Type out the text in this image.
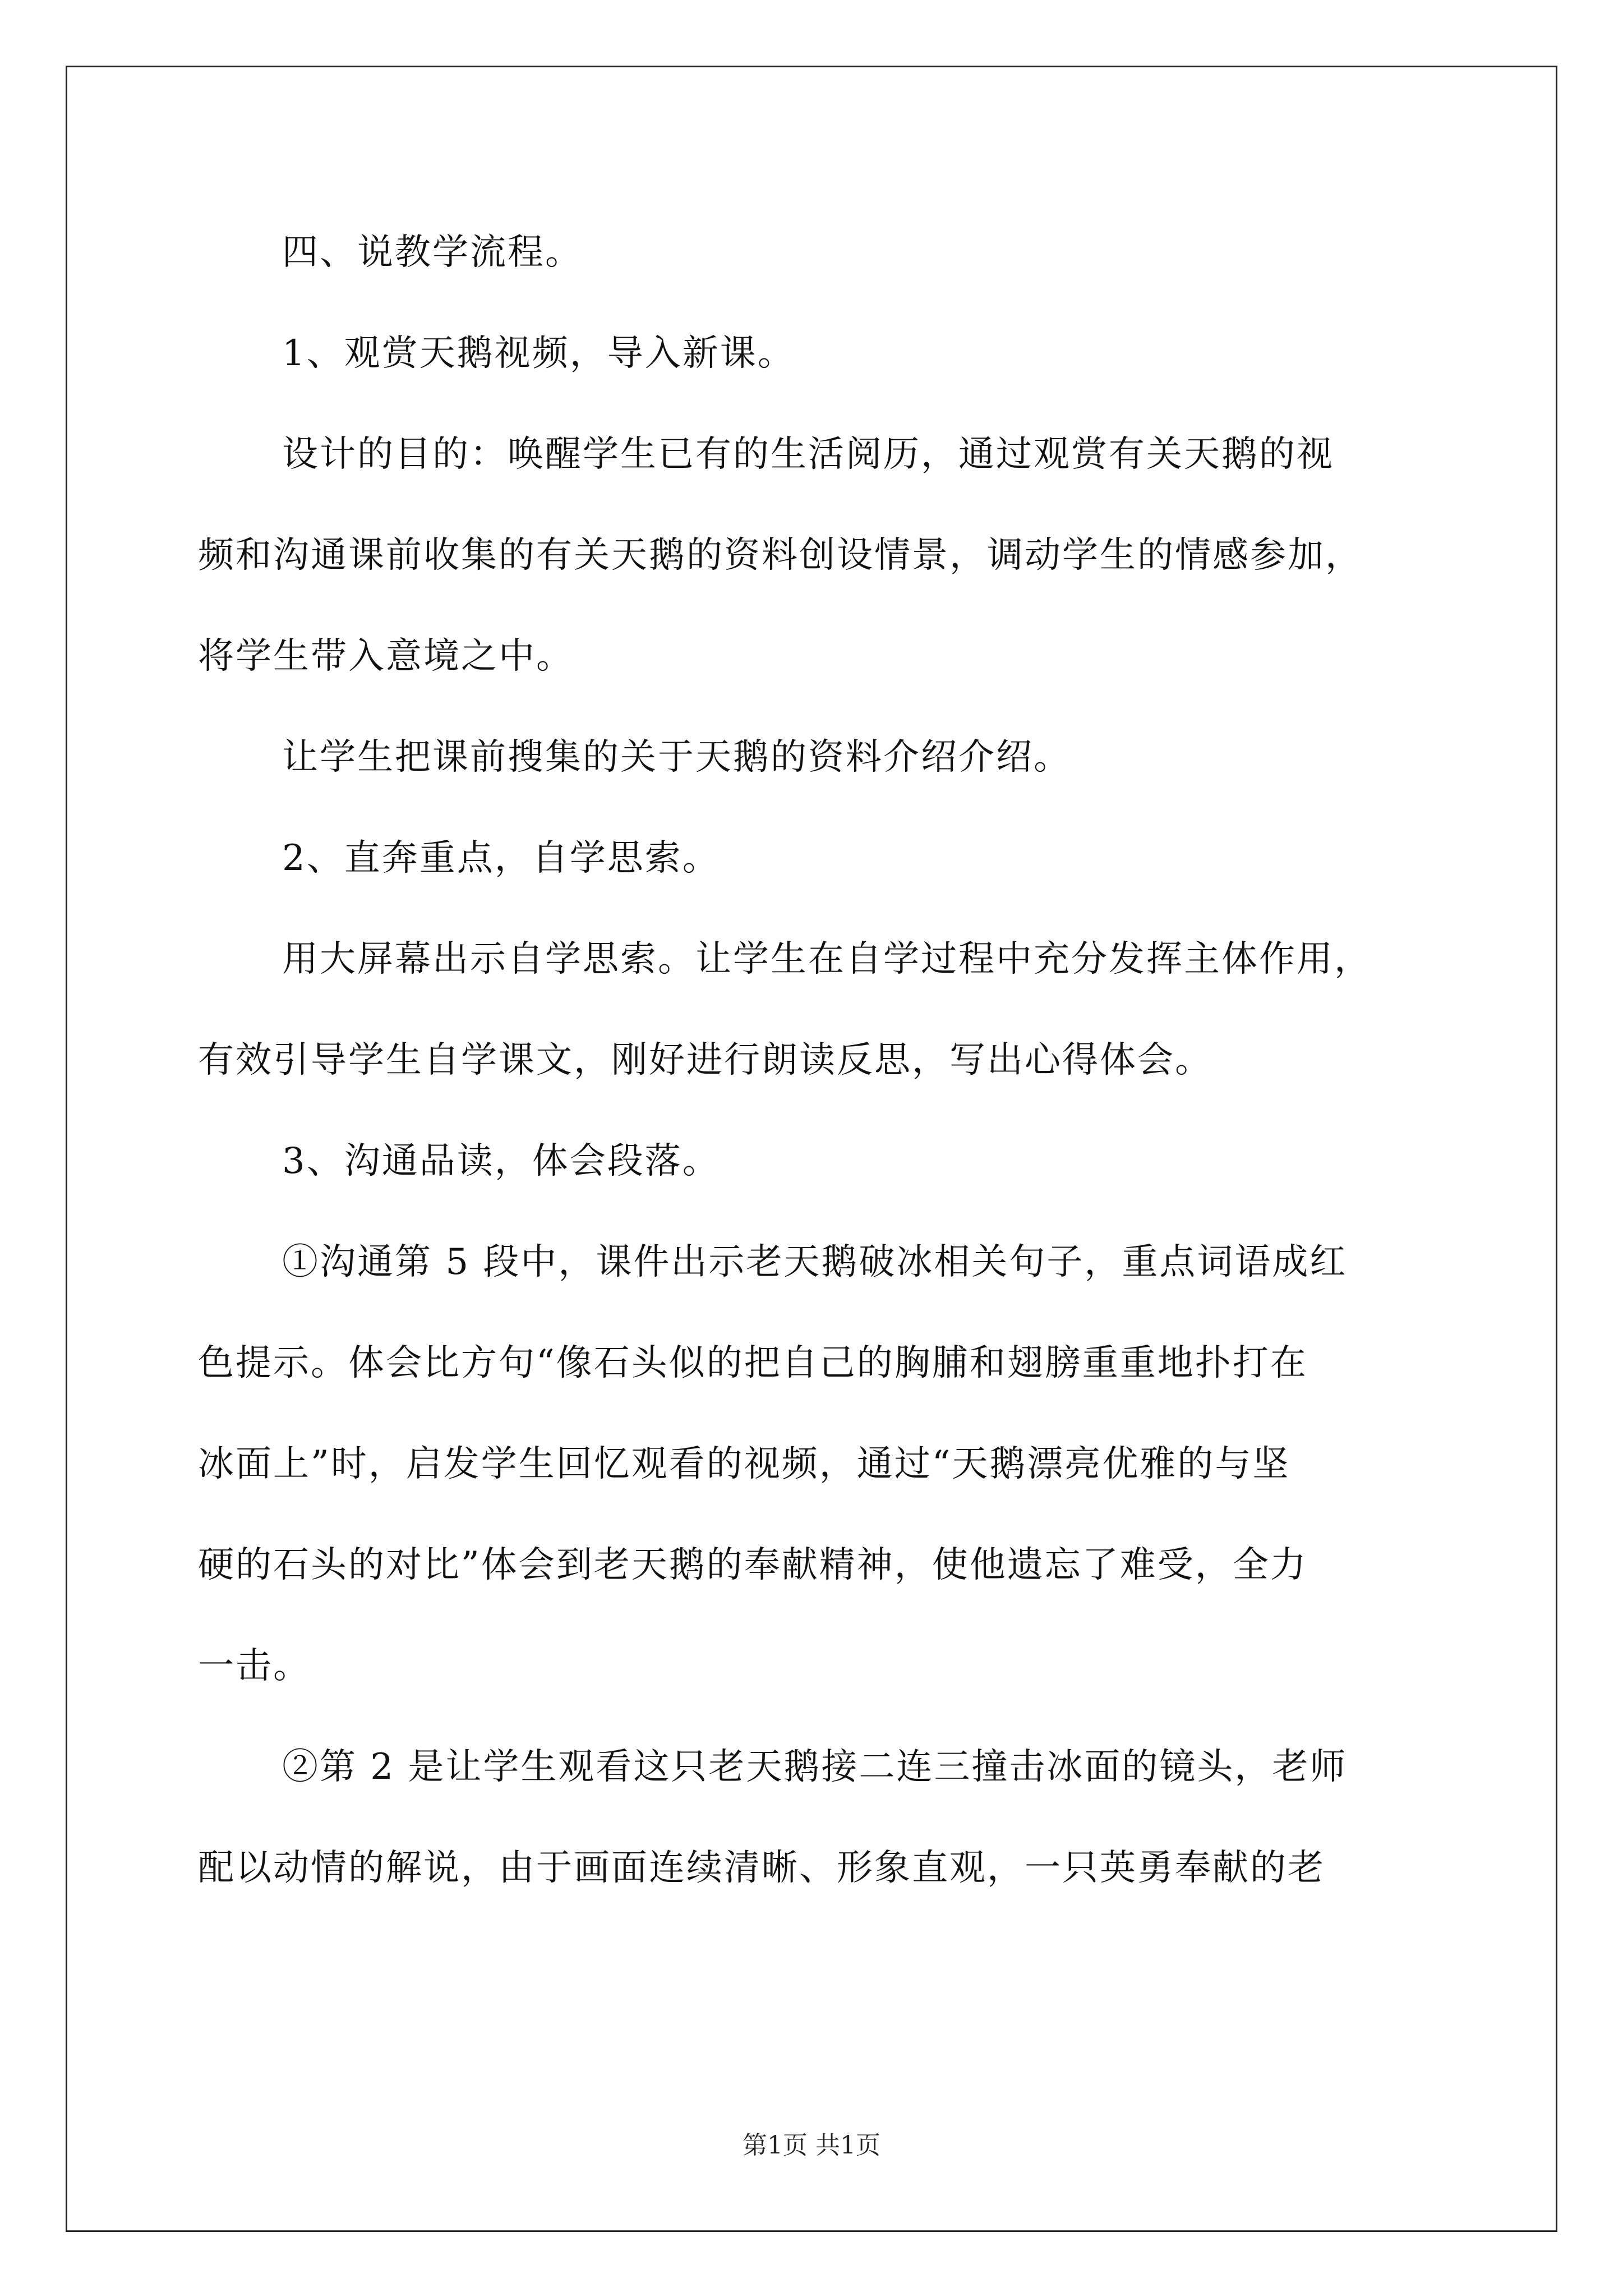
四、说教学流程。
1、观赏天鹅视频，导入新课。
设计的目的：唤醒学生已有的生活阅历，通过观赏有关天鹅的视
频和沟通课前收集的有关天鹅的资料创设情景，调动学生的情感参加，
将学生带入意境之中。
让学生把课前搜集的关于天鹅的资料介绍介绍。
2、直奔重点，自学思索。
用大屏幕出示自学思索。让学生在自学过程中充分发挥主体作用，
有效引导学生自学课文，刚好进行朗读反思，写出心得体会。
3、沟通品读，体会段落。
①沟通第 5 段中，课件出示老天鹅破冰相关句子，重点词语成红
色提示。体会比方句“像石头似的把自己的胸脯和翅膀重重地扑打在
冰面上”时，启发学生回忆观看的视频，通过“天鹅漂亮优雅的与坚
硬的石头的对比”体会到老天鹅的奉献精神，使他遗忘了难受，全力
一击。
②第 2 是让学生观看这只老天鹅接二连三撞击冰面的镜头，老师
配以动情的解说，由于画面连续清晰、形象直观，一只英勇奉献的老
第1页 共1页
